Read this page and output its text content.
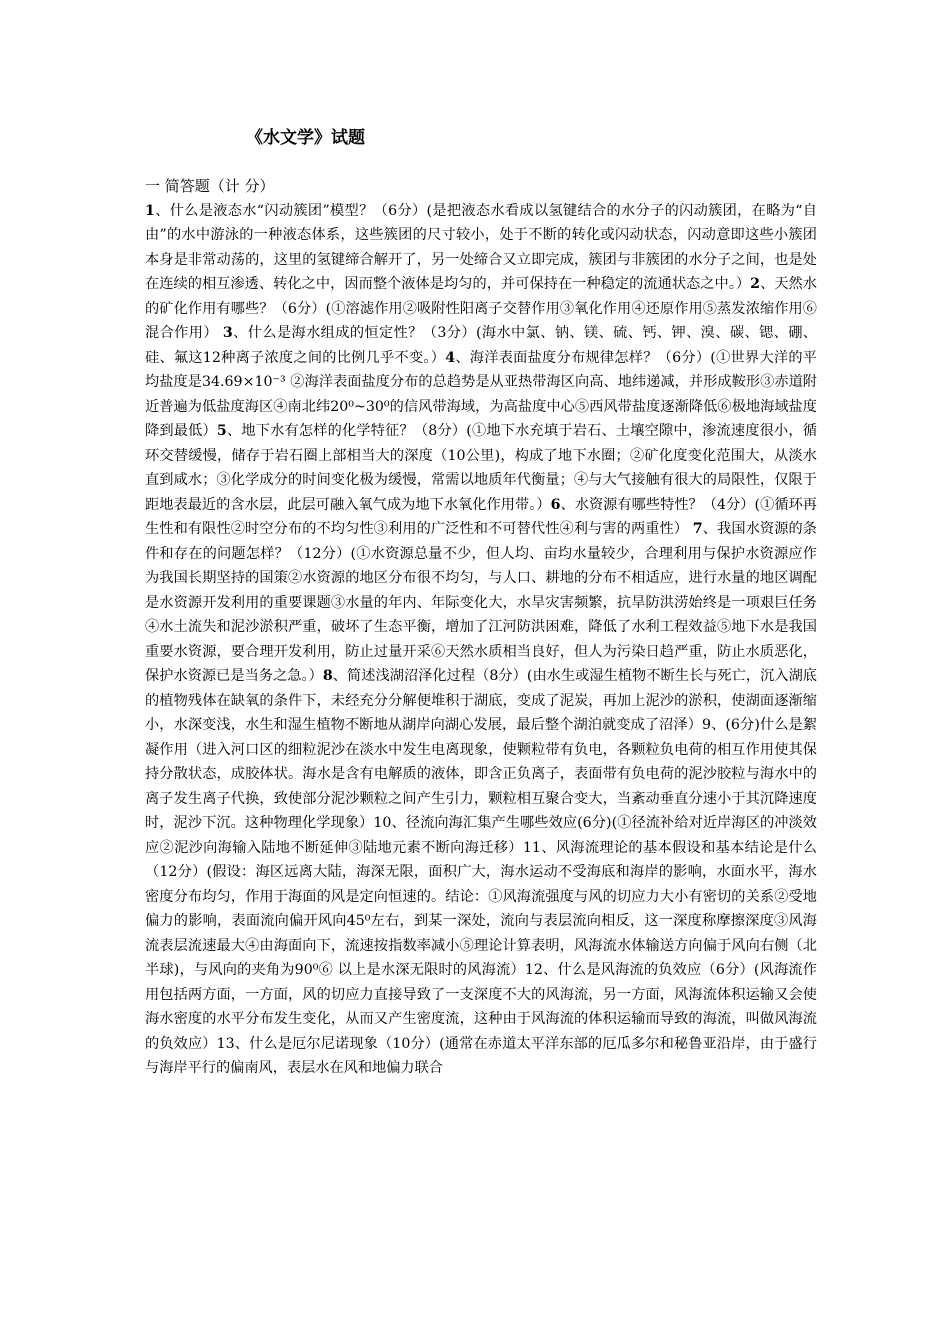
《水文学》试题
一 简答题（计 分）

1、什么是液态水“闪动簇团”模型？（6分）(是把液态水看成以氢键结合的水分子的闪动簇团，在略为“自由”的水中游泳的一种液态体系，这些簇团的尺寸较小，处于不断的转化或闪动状态，闪动意即这些小簇团本身是非常动荡的，这里的氢键缔合解开了，另一处缔合又立即完成，簇团与非簇团的水分子之间，也是处在连续的相互渗透、转化之中，因而整个液体是均匀的，并可保持在一种稳定的流通状态之中。）2、天然水的矿化作用有哪些？（6分）(①溶滤作用②吸附性阳离子交替作用③氧化作用④还原作用⑤蒸发浓缩作用⑥混合作用） 3、什么是海水组成的恒定性？（3分）(海水中氯、钠、镁、硫、钙、钾、溴、碳、锶、硼、硅、氟这12种离子浓度之间的比例几乎不变。）4、海洋表面盐度分布规律怎样？（6分）(①世界大洋的平均盐度是34.69×10⁻³ ②海洋表面盐度分布的总趋势是从亚热带海区向高、地纬递减，并形成鞍形③赤道附近普遍为低盐度海区④南北纬20⁰~30⁰的信风带海域，为高盐度中心⑤西风带盐度逐渐降低⑥极地海域盐度降到最低）5、地下水有怎样的化学特征？（8分）(①地下水充填于岩石、土壤空隙中，渗流速度很小，循环交替缓慢，储存于岩石圈上部相当大的深度（10公里)，构成了地下水圈；②矿化度变化范围大，从淡水直到咸水；③化学成分的时间变化极为缓慢，常需以地质年代衡量；④与大气接触有很大的局限性，仅限于距地表最近的含水层，此层可融入氧气成为地下水氧化作用带。）6、水资源有哪些特性？（4分）(①循环再生性和有限性②时空分布的不均匀性③利用的广泛性和不可替代性④利与害的两重性） 7、我国水资源的条件和存在的问题怎样？（12分）(①水资源总量不少，但人均、亩均水量较少，合理利用与保护水资源应作为我国长期坚持的国策②水资源的地区分布很不均匀，与人口、耕地的分布不相适应，进行水量的地区调配是水资源开发利用的重要课题③水量的年内、年际变化大，水旱灾害频繁，抗旱防洪涝始终是一项艰巨任务④水土流失和泥沙淤积严重，破坏了生态平衡，增加了江河防洪困难，降低了水利工程效益⑤地下水是我国重要水资源，要合理开发利用，防止过量开采⑥天然水质相当良好，但人为污染日趋严重，防止水质恶化，保护水资源已是当务之急。）8、简述浅湖沼泽化过程（8分）(由水生或湿生植物不断生长与死亡，沉入湖底的植物残体在缺氧的条件下，未经充分分解便堆积于湖底，变成了泥炭，再加上泥沙的淤积，使湖面逐渐缩小，水深变浅，水生和湿生植物不断地从湖岸向湖心发展，最后整个湖泊就变成了沼泽）9、(6分)什么是絮凝作用（进入河口区的细粒泥沙在淡水中发生电离现象，使颗粒带有负电，各颗粒负电荷的相互作用使其保持分散状态，成胶体状。海水是含有电解质的液体，即含正负离子，表面带有负电荷的泥沙胶粒与海水中的离子发生离子代换，致使部分泥沙颗粒之间产生引力，颗粒相互聚合变大，当紊动垂直分速小于其沉降速度时，泥沙下沉。这种物理化学现象）10、径流向海汇集产生哪些效应(6分)(①径流补给对近岸海区的冲淡效应②泥沙向海输入陆地不断延伸③陆地元素不断向海迁移）11、风海流理论的基本假设和基本结论是什么（12分）(假设：海区远离大陆，海深无限，面积广大，海水运动不受海底和海岸的影响，水面水平，海水密度分布均匀，作用于海面的风是定向恒速的。结论：①风海流强度与风的切应力大小有密切的关系②受地偏力的影响，表面流向偏开风向45⁰左右，到某一深处，流向与表层流向相反，这一深度称摩擦深度③风海流表层流速最大④由海面向下，流速按指数率减小⑤理论计算表明，风海流水体输送方向偏于风向右侧（北半球)，与风向的夹角为90⁰⑥ 以上是水深无限时的风海流）12、什么是风海流的负效应（6分）(风海流作用包括两方面，一方面，风的切应力直接导致了一支深度不大的风海流，另一方面，风海流体积运输又会使海水密度的水平分布发生变化，从而又产生密度流，这种由于风海流的体积运输而导致的海流，叫做风海流的负效应）13、什么是厄尔尼诺现象（10分）(通常在赤道太平洋东部的厄瓜多尔和秘鲁亚沿岸，由于盛行与海岸平行的偏南风，表层水在风和地偏力联合
